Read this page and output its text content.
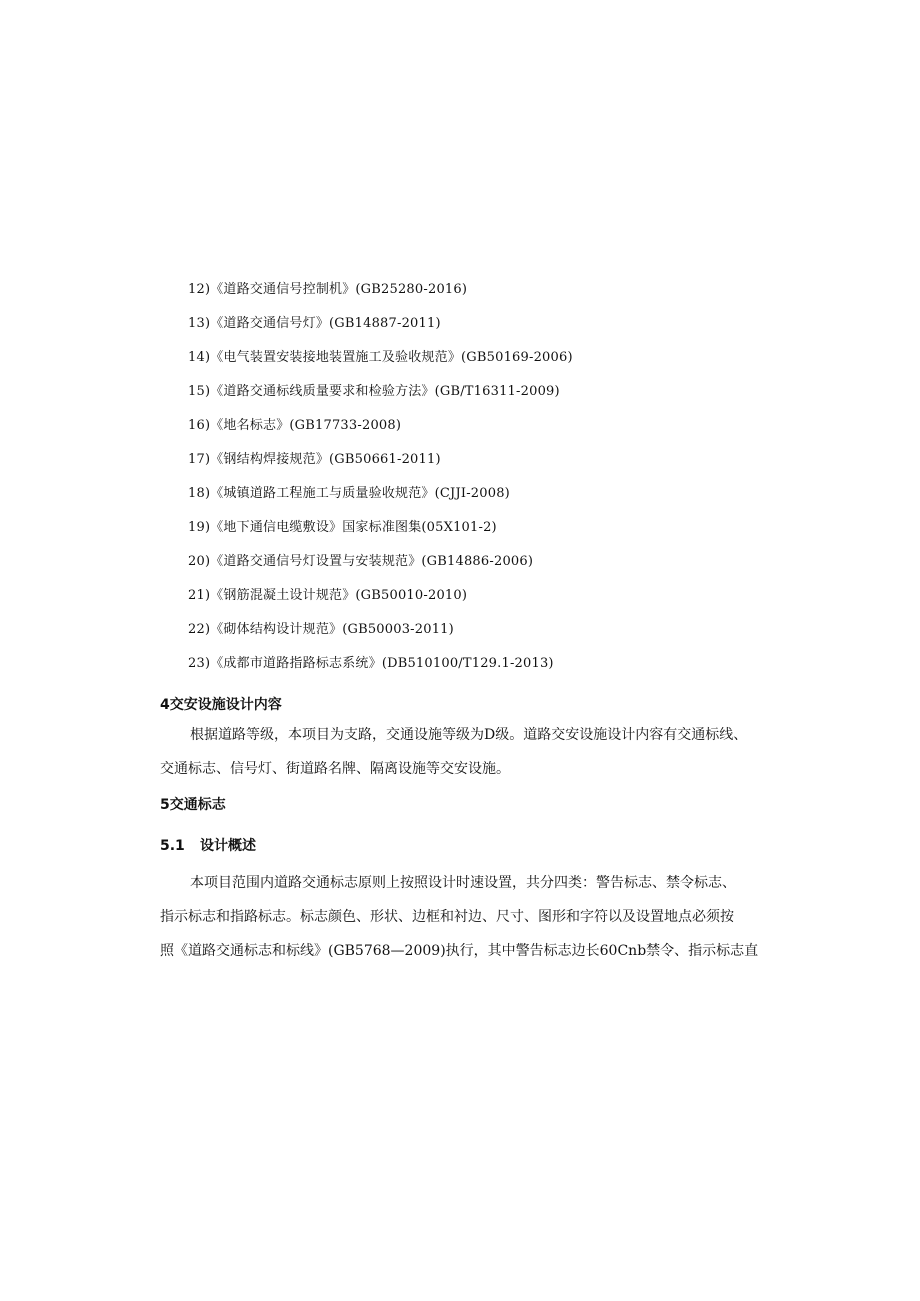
12)《道路交通信号控制机》(GB25280-2016)
13)《道路交通信号灯》(GB14887-2011)
14)《电气装置安装接地装置施工及验收规范》(GB50169-2006)
15)《道路交通标线质量要求和检验方法》(GB/T16311-2009)
16)《地名标志》(GB17733-2008)
17)《钢结构焊接规范》(GB50661-2011)
18)《城镇道路工程施工与质量验收规范》(CJJI-2008)
19)《地下通信电缆敷设》国家标准图集(05X101-2)
20)《道路交通信号灯设置与安装规范》(GB14886-2006)
21)《钢筋混凝土设计规范》(GB50010-2010)
22)《砌体结构设计规范》(GB50003-2011)
23)《成都市道路指路标志系统》(DB510100/T129.1-2013)
4交安设施设计内容

根据道路等级，本项目为支路，交通设施等级为D级。道路交安设施设计内容有交通标线、
交通标志、信号灯、街道路名牌、隔离设施等交安设施。

5交通标志
5.1 设计概述

本项目范围内道路交通标志原则上按照设计时速设置，共分四类：警告标志、禁令标志、
指示标志和指路标志。标志颜色、形状、边框和衬边、尺寸、图形和字符以及设置地点必须按
照《道路交通标志和标线》(GB5768—2009)执行，其中警告标志边长60Cnb禁令、指示标志直
